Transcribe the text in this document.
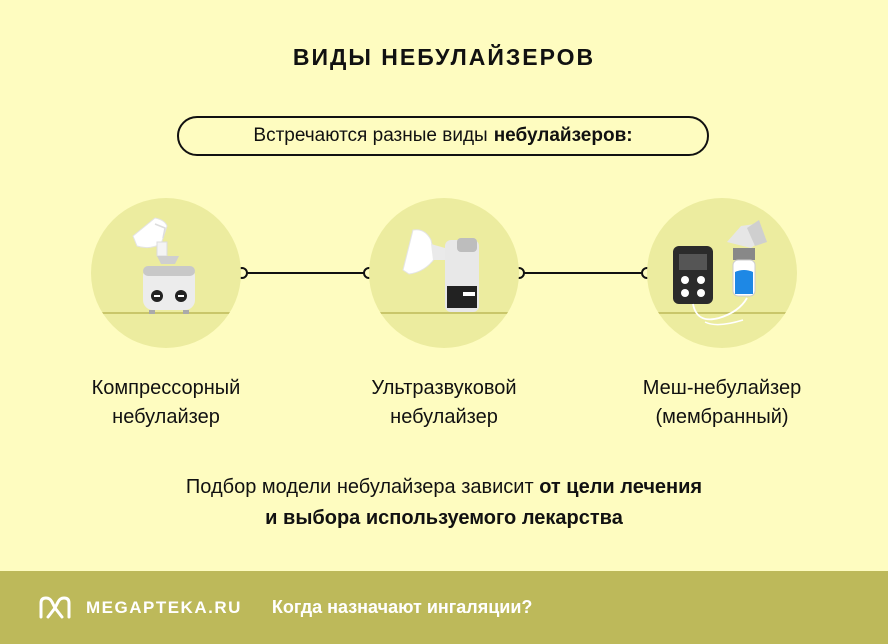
ВИДЫ НЕБУЛАЙЗЕРОВ
Встречаются разные виды небулайзеров:
Компрессорный
небулайзер
Ультразвуковой
небулайзер
Меш-небулайзер
(мембранный)
Подбор модели небулайзера зависит от цели лечения
и выбора используемого лекарства
MEGAPTEKA.RU Когда назначают ингаляции?
